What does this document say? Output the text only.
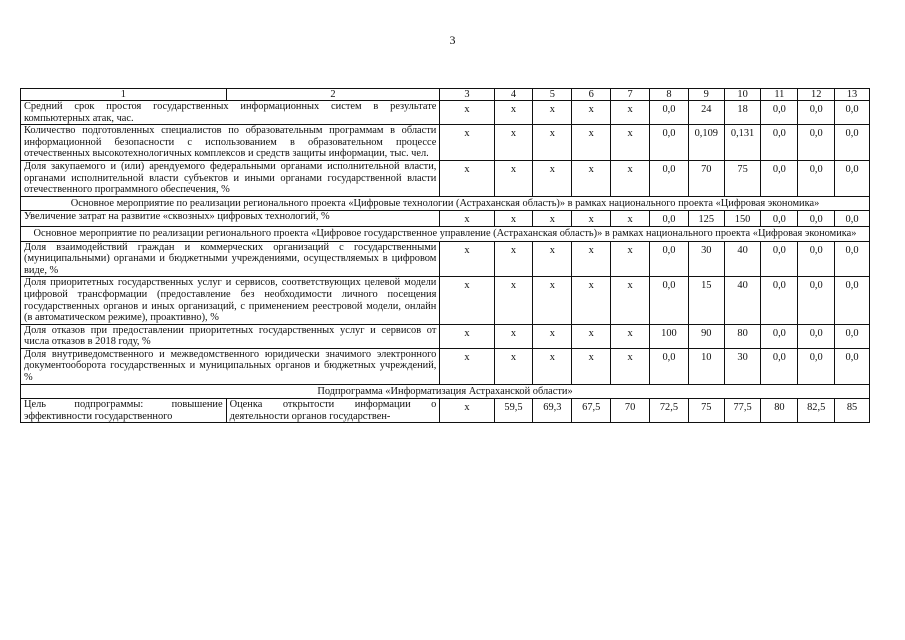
3
1	2	3	4	5	6	7	8	9	10	11	12	13
Средний срок простоя государственных информационных систем в результате компьютерных атак, час.		x	x	x	x	x	0,0	24	18	0,0	0,0	0,0
Количество подготовленных специалистов по образовательным программам в области информационной безопасности с использованием в образовательном процессе отечественных высокотехнологичных комплексов и средств защиты информации, тыс. чел.		x	x	x	x	x	0,0	0,109	0,131	0,0	0,0	0,0
Доля закупаемого и (или) арендуемого федеральными органами исполнительной власти, органами исполнительной власти субъектов и иными органами государственной власти отечественного программного обеспечения, %		x	x	x	x	x	0,0	70	75	0,0	0,0	0,0
Основное мероприятие по реализации регионального проекта «Цифровые технологии (Астраханская область)» в рамках национального проекта «Цифровая экономика»												
Увеличение затрат на развитие «сквозных» цифровых технологий, %		x	x	x	x	x	0,0	125	150	0,0	0,0	0,0
Основное мероприятие по реализации регионального проекта «Цифровое государственное управление (Астраханская область)» в рамках национального проекта «Цифровая экономика»												
Доля взаимодействий граждан и коммерческих организаций с государственными (муниципальными) органами и бюджетными учреждениями, осуществляемых в цифровом виде, %		x	x	x	x	x	0,0	30	40	0,0	0,0	0,0
Доля приоритетных государственных услуг и сервисов, соответствующих целевой модели цифровой трансформации (предоставление без необходимости личного посещения государственных органов и иных организаций, с применением реестровой модели, онлайн (в автоматическом режиме), проактивно), %		x	x	x	x	x	0,0	15	40	0,0	0,0	0,0
Доля отказов при предоставлении приоритетных государственных услуг и сервисов от числа отказов в 2018 году, %		x	x	x	x	x	100	90	80	0,0	0,0	0,0
Доля внутриведомственного и межведомственного юридически значимого электронного документооборота государственных и муниципальных органов и бюджетных учреждений, %		x	x	x	x	x	0,0	10	30	0,0	0,0	0,0
Подпрограмма «Информатизация Астраханской области»												
Цель подпрограммы: повышение эффективности государственного	Оценка открытости информации о деятельности органов государствен-	x	59,5	69,3	67,5	70	72,5	75	77,5	80	82,5	85
